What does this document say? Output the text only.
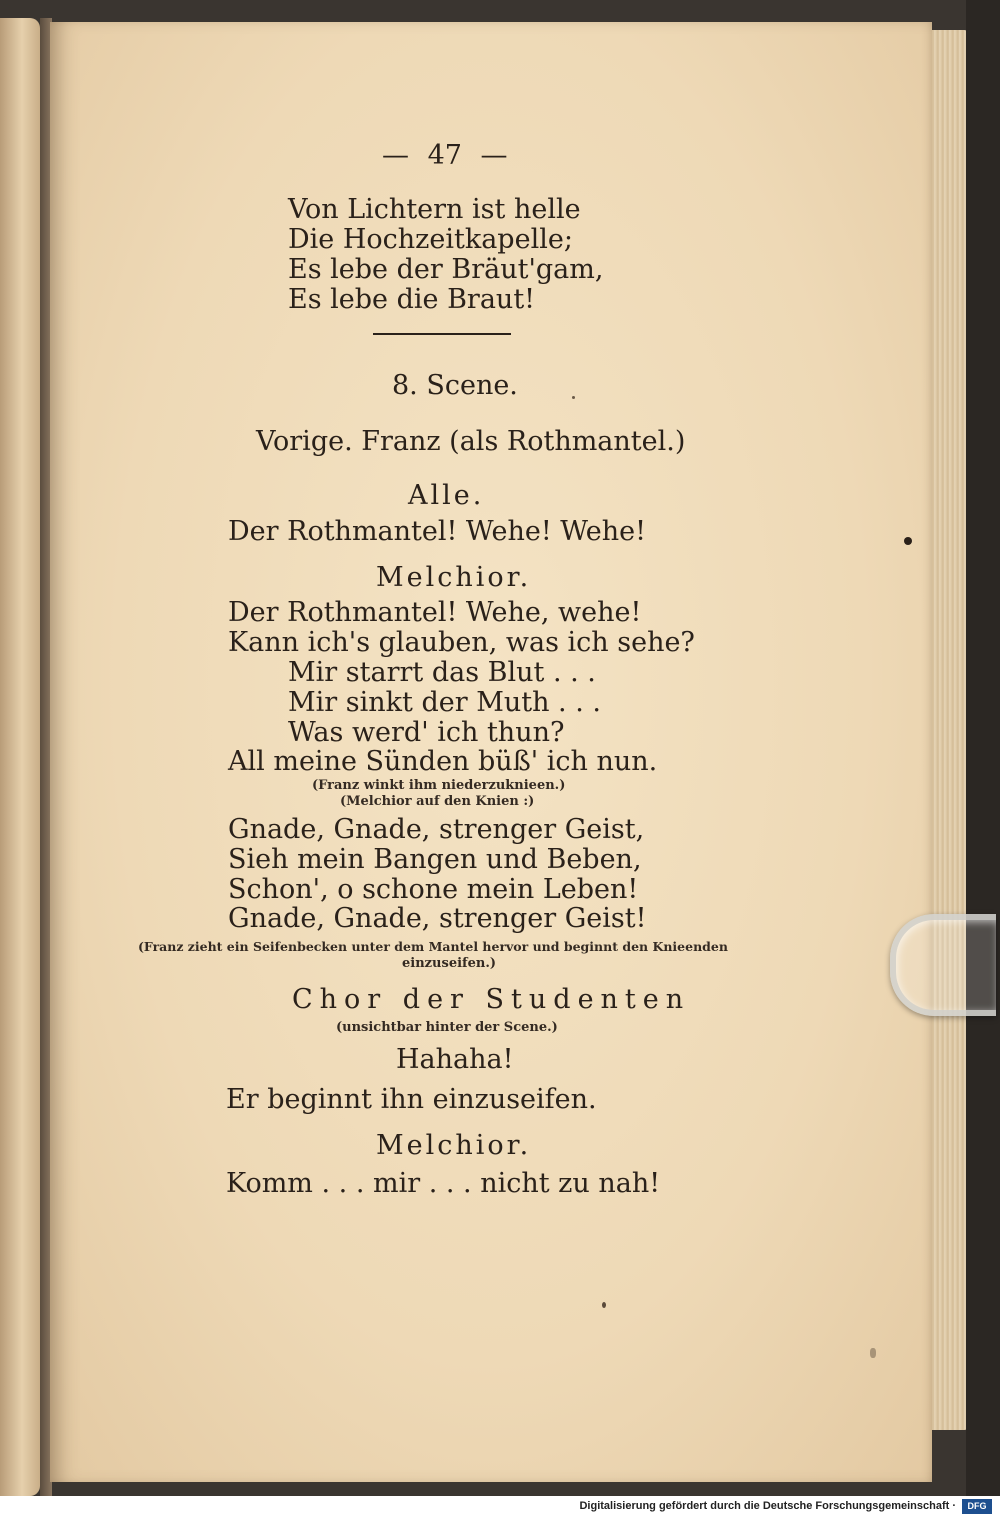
— 47 —
Von Lichtern ist helle
Die Hochzeitkapelle;
Es lebe der Bräut'gam,
Es lebe die Braut!
8. Scene.
Vorige. Franz (als Rothmantel.)
Alle.
Der Rothmantel! Wehe! Wehe!
Melchior.
Der Rothmantel! Wehe, wehe!
Kann ich's glauben, was ich sehe?
Mir starrt das Blut . . .
Mir sinkt der Muth . . .
Was werd' ich thun?
All meine Sünden büß' ich nun.
(Franz winkt ihm niederzuknieen.)
(Melchior auf den Knien :)
Gnade, Gnade, strenger Geist,
Sieh mein Bangen und Beben,
Schon', o schone mein Leben!
Gnade, Gnade, strenger Geist!
(Franz zieht ein Seifenbecken unter dem Mantel hervor und beginnt den Knieenden
einzuseifen.)
Chor der Studenten
(unsichtbar hinter der Scene.)
Hahaha!
Er beginnt ihn einzuseifen.
Melchior.
Komm . . . mir . . . nicht zu nah!
Digitalisierung gefördert durch die Deutsche Forschungsgemeinschaft ·	DFG
